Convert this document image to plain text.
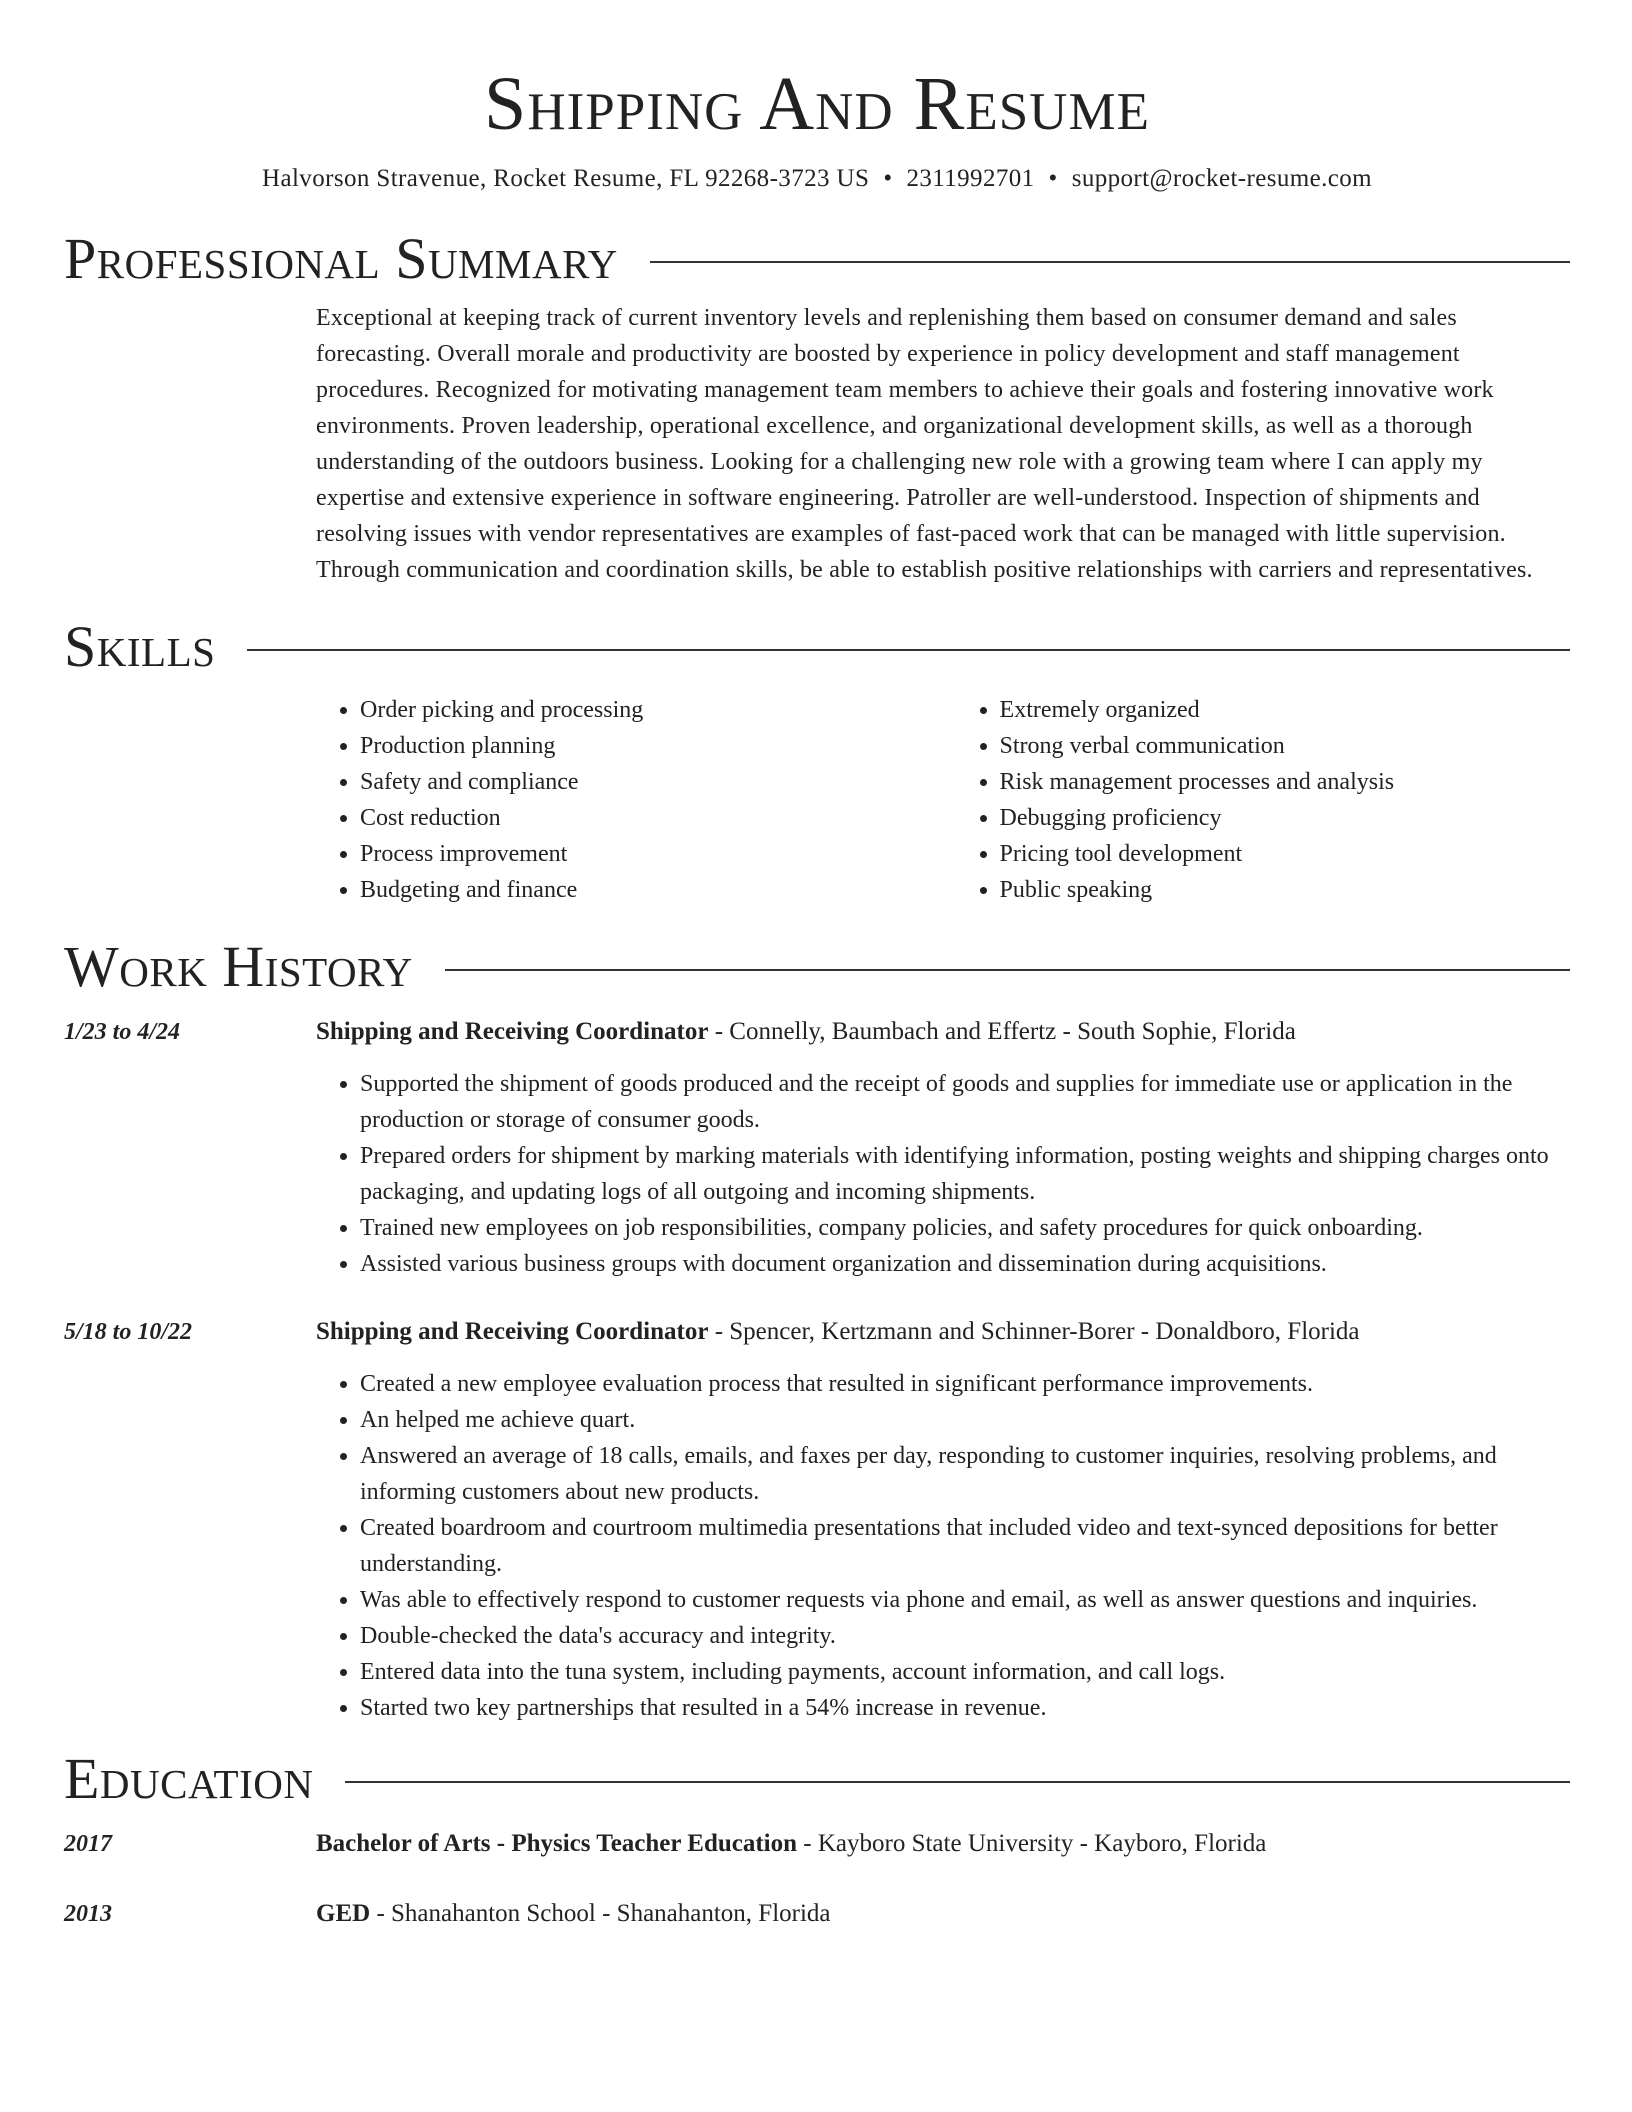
Shipping And Resume
Halvorson Stravenue, Rocket Resume, FL 92268-3723 US • 2311992701 • support@rocket-resume.com
Professional Summary

Exceptional at keeping track of current inventory levels and replenishing them based on consumer demand and sales forecasting. Overall morale and productivity are boosted by experience in policy development and staff management procedures. Recognized for motivating management team members to achieve their goals and fostering innovative work environments. Proven leadership, operational excellence, and organizational development skills, as well as a thorough understanding of the outdoors business. Looking for a challenging new role with a growing team where I can apply my expertise and extensive experience in software engineering. Patroller are well-understood. Inspection of shipments and resolving issues with vendor representatives are examples of fast-paced work that can be managed with little supervision. Through communication and coordination skills, be able to establish positive relationships with carriers and representatives.

Skills
• Order picking and processing
• Production planning
• Safety and compliance
• Cost reduction
• Process improvement
• Budgeting and finance
• Extremely organized
• Strong verbal communication
• Risk management processes and analysis
• Debugging proficiency
• Pricing tool development
• Public speaking
Work History
1/23 to 4/24	Shipping and Receiving Coordinator - Connelly, Baumbach and Effertz - South Sophie, Florida
• Supported the shipment of goods produced and the receipt of goods and supplies for immediate use or application in the production or storage of consumer goods.
• Prepared orders for shipment by marking materials with identifying information, posting weights and shipping charges onto packaging, and updating logs of all outgoing and incoming shipments.
• Trained new employees on job responsibilities, company policies, and safety procedures for quick onboarding.
• Assisted various business groups with document organization and dissemination during acquisitions.
5/18 to 10/22	Shipping and Receiving Coordinator - Spencer, Kertzmann and Schinner-Borer - Donaldboro, Florida
• Created a new employee evaluation process that resulted in significant performance improvements.
• An helped me achieve quart.
• Answered an average of 18 calls, emails, and faxes per day, responding to customer inquiries, resolving problems, and informing customers about new products.
• Created boardroom and courtroom multimedia presentations that included video and text-synced depositions for better understanding.
• Was able to effectively respond to customer requests via phone and email, as well as answer questions and inquiries.
• Double-checked the data's accuracy and integrity.
• Entered data into the tuna system, including payments, account information, and call logs.
• Started two key partnerships that resulted in a 54% increase in revenue.
Education
2017	Bachelor of Arts - Physics Teacher Education - Kayboro State University - Kayboro, Florida
2013	GED - Shanahanton School - Shanahanton, Florida
